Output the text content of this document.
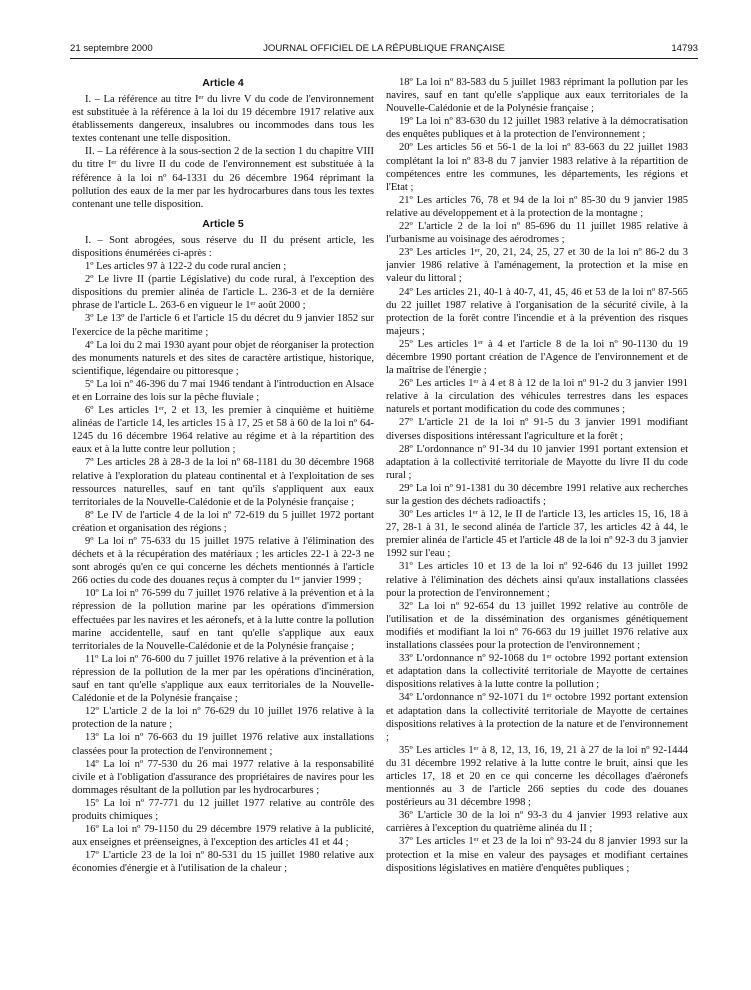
21 septembre 2000	JOURNAL OFFICIEL DE LA RÉPUBLIQUE FRANÇAISE	14793
Article 4

I. – La référence au titre Iᵉʳ du livre V du code de l'environnement est substituée à la référence à la loi du 19 décembre 1917 relative aux établissements dangereux, insalubres ou incommodes dans tous les textes contenant une telle disposition.

II. – La référence à la sous-section 2 de la section 1 du chapitre VIII du titre Iᵉʳ du livre II du code de l'environnement est substituée à la référence à la loi nº 64-1331 du 26 décembre 1964 réprimant la pollution des eaux de la mer par les hydrocarbures dans tous les textes contenant une telle disposition.

Article 5

I. – Sont abrogées, sous réserve du II du présent article, les dispositions énumérées ci-après :

1º Les articles 97 à 122-2 du code rural ancien ;

2º Le livre II (partie Législative) du code rural, à l'exception des dispositions du premier alinéa de l'article L. 236-3 et de la dernière phrase de l'article L. 263-6 en vigueur le 1ᵉʳ août 2000 ;

3º Le 13º de l'article 6 et l'article 15 du décret du 9 janvier 1852 sur l'exercice de la pêche maritime ;

4º La loi du 2 mai 1930 ayant pour objet de réorganiser la protection des monuments naturels et des sites de caractère artistique, historique, scientifique, légendaire ou pittoresque ;

5º La loi nº 46-396 du 7 mai 1946 tendant à l'introduction en Alsace et en Lorraine des lois sur la pêche fluviale ;

6º Les articles 1ᵉʳ, 2 et 13, les premier à cinquième et huitième alinéas de l'article 14, les articles 15 à 17, 25 et 58 à 60 de la loi nº 64-1245 du 16 décembre 1964 relative au régime et à la répartition des eaux et à la lutte contre leur pollution ;

7º Les articles 28 à 28-3 de la loi nº 68-1181 du 30 décembre 1968 relative à l'exploration du plateau continental et à l'exploitation de ses ressources naturelles, sauf en tant qu'ils s'appliquent aux eaux territoriales de la Nouvelle-Calédonie et de la Polynésie française ;

8º Le IV de l'article 4 de la loi nº 72-619 du 5 juillet 1972 portant création et organisation des régions ;

9º La loi nº 75-633 du 15 juillet 1975 relative à l'élimination des déchets et à la récupération des matériaux ; les articles 22-1 à 22-3 ne sont abrogés qu'en ce qui concerne les déchets mentionnés à l'article 266 octies du code des douanes reçus à compter du 1ᵉʳ janvier 1999 ;

10º La loi nº 76-599 du 7 juillet 1976 relative à la prévention et à la répression de la pollution marine par les opérations d'immersion effectuées par les navires et les aéronefs, et à la lutte contre la pollution marine accidentelle, sauf en tant qu'elle s'applique aux eaux territoriales de la Nouvelle-Calédonie et de la Polynésie française ;

11º La loi nº 76-600 du 7 juillet 1976 relative à la prévention et à la répression de la pollution de la mer par les opérations d'incinération, sauf en tant qu'elle s'applique aux eaux territoriales de la Nouvelle-Calédonie et de la Polynésie française ;

12º L'article 2 de la loi nº 76-629 du 10 juillet 1976 relative à la protection de la nature ;

13º La loi nº 76-663 du 19 juillet 1976 relative aux installations classées pour la protection de l'environnement ;

14º La loi nº 77-530 du 26 mai 1977 relative à la responsabilité civile et à l'obligation d'assurance des propriétaires de navires pour les dommages résultant de la pollution par les hydrocarbures ;

15º La loi nº 77-771 du 12 juillet 1977 relative au contrôle des produits chimiques ;

16º La loi nº 79-1150 du 29 décembre 1979 relative à la publicité, aux enseignes et préenseignes, à l'exception des articles 41 et 44 ;

17º L'article 23 de la loi nº 80-531 du 15 juillet 1980 relative aux économies d'énergie et à l'utilisation de la chaleur ;

18º La loi nº 83-583 du 5 juillet 1983 réprimant la pollution par les navires, sauf en tant qu'elle s'applique aux eaux territoriales de la Nouvelle-Calédonie et de la Polynésie française ;

19º La loi nº 83-630 du 12 juillet 1983 relative à la démocratisation des enquêtes publiques et à la protection de l'environnement ;

20º Les articles 56 et 56-1 de la loi nº 83-663 du 22 juillet 1983 complétant la loi nº 83-8 du 7 janvier 1983 relative à la répartition de compétences entre les communes, les départements, les régions et l'Etat ;

21º Les articles 76, 78 et 94 de la loi nº 85-30 du 9 janvier 1985 relative au développement et à la protection de la montagne ;

22º L'article 2 de la loi nº 85-696 du 11 juillet 1985 relative à l'urbanisme au voisinage des aérodromes ;

23º Les articles 1ᵉʳ, 20, 21, 24, 25, 27 et 30 de la loi nº 86-2 du 3 janvier 1986 relative à l'aménagement, la protection et la mise en valeur du littoral ;

24º Les articles 21, 40-1 à 40-7, 41, 45, 46 et 53 de la loi nº 87-565 du 22 juillet 1987 relative à l'organisation de la sécurité civile, à la protection de la forêt contre l'incendie et à la prévention des risques majeurs ;

25º Les articles 1ᵉʳ à 4 et l'article 8 de la loi nº 90-1130 du 19 décembre 1990 portant création de l'Agence de l'environnement et de la maîtrise de l'énergie ;

26º Les articles 1ᵉʳ à 4 et 8 à 12 de la loi nº 91-2 du 3 janvier 1991 relative à la circulation des véhicules terrestres dans les espaces naturels et portant modification du code des communes ;

27º L'article 21 de la loi nº 91-5 du 3 janvier 1991 modifiant diverses dispositions intéressant l'agriculture et la forêt ;

28º L'ordonnance nº 91-34 du 10 janvier 1991 portant extension et adaptation à la collectivité territoriale de Mayotte du livre II du code rural ;

29º La loi nº 91-1381 du 30 décembre 1991 relative aux recherches sur la gestion des déchets radioactifs ;

30º Les articles 1ᵉʳ à 12, le II de l'article 13, les articles 15, 16, 18 à 27, 28-1 à 31, le second alinéa de l'article 37, les articles 42 à 44, le premier alinéa de l'article 45 et l'article 48 de la loi nº 92-3 du 3 janvier 1992 sur l'eau ;

31º Les articles 10 et 13 de la loi nº 92-646 du 13 juillet 1992 relative à l'élimination des déchets ainsi qu'aux installations classées pour la protection de l'environnement ;

32º La loi nº 92-654 du 13 juillet 1992 relative au contrôle de l'utilisation et de la dissémination des organismes génétiquement modifiés et modifiant la loi nº 76-663 du 19 juillet 1976 relative aux installations classées pour la protection de l'environnement ;

33º L'ordonnance nº 92-1068 du 1ᵉʳ octobre 1992 portant extension et adaptation dans la collectivité territoriale de Mayotte de certaines dispositions relatives à la lutte contre la pollution ;

34º L'ordonnance nº 92-1071 du 1ᵉʳ octobre 1992 portant extension et adaptation dans la collectivité territoriale de Mayotte de certaines dispositions relatives à la protection de la nature et de l'environnement ;

35º Les articles 1ᵉʳ à 8, 12, 13, 16, 19, 21 à 27 de la loi nº 92-1444 du 31 décembre 1992 relative à la lutte contre le bruit, ainsi que les articles 17, 18 et 20 en ce qui concerne les décollages d'aéronefs mentionnés au 3 de l'article 266 septies du code des douanes postérieurs au 31 décembre 1998 ;

36º L'article 30 de la loi nº 93-3 du 4 janvier 1993 relative aux carrières à l'exception du quatrième alinéa du II ;

37º Les articles 1ᵉʳ et 23 de la loi nº 93-24 du 8 janvier 1993 sur la protection et la mise en valeur des paysages et modifiant certaines dispositions législatives en matière d'enquêtes publiques ;
